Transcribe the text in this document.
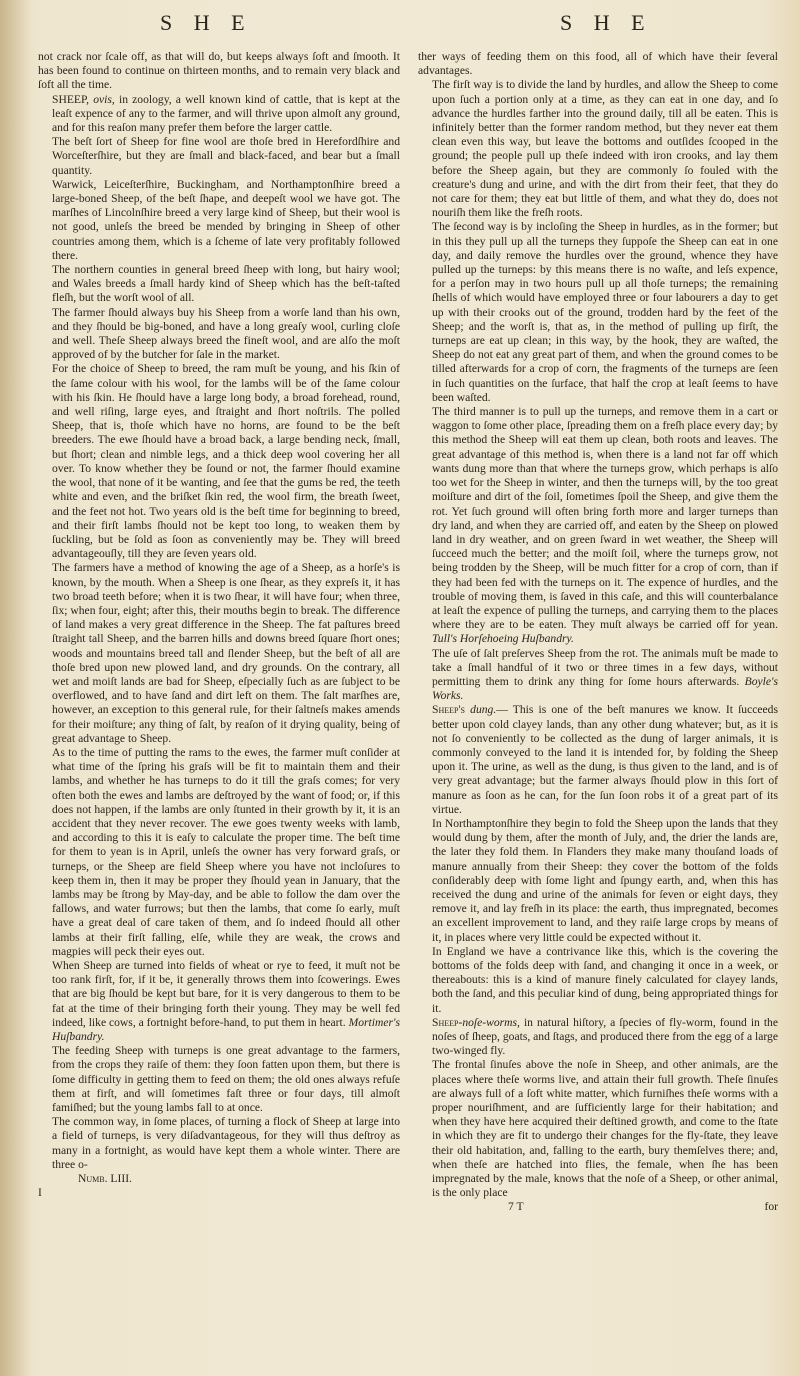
S H E	S H E

not crack nor ſcale off, as that will do, but keeps always ſoft and ſmooth. It has been found to continue on thirteen months, and to remain very black and ſoft all the time.

SHEEP, ovis, in zoology, a well known kind of cattle, that is kept at the leaſt expence of any to the farmer, and will thrive upon almoſt any ground, and for this reaſon many prefer them before the larger cattle.

The beſt ſort of Sheep for fine wool are thoſe bred in Herefordſhire and Worceſterſhire, but they are ſmall and black-faced, and bear but a ſmall quantity.

Warwick, Leiceſterſhire, Buckingham, and Northamptonſhire breed a large-boned Sheep, of the beſt ſhape, and deepeſt wool we have got. The marſhes of Lincolnſhire breed a very large kind of Sheep, but their wool is not good, unleſs the breed be mended by bringing in Sheep of other countries among them, which is a ſcheme of late very profitably followed there.

The northern counties in general breed ſheep with long, but hairy wool; and Wales breeds a ſmall hardy kind of Sheep which has the beſt-taſted fleſh, but the worſt wool of all.

The farmer ſhould always buy his Sheep from a worſe land than his own, and they ſhould be big-boned, and have a long greaſy wool, curling cloſe and well. Theſe Sheep always breed the fineſt wool, and are alſo the moſt approved of by the butcher for ſale in the market.

For the choice of Sheep to breed, the ram muſt be young, and his ſkin of the ſame colour with his wool, for the lambs will be of the ſame colour with his ſkin. He ſhould have a large long body, a broad forehead, round, and well riſing, large eyes, and ſtraight and ſhort noſtrils. The polled Sheep, that is, thoſe which have no horns, are found to be the beſt breeders. The ewe ſhould have a broad back, a large bending neck, ſmall, but ſhort; clean and nimble legs, and a thick deep wool covering her all over. To know whether they be ſound or not, the farmer ſhould examine the wool, that none of it be wanting, and ſee that the gums be red, the teeth white and even, and the briſket ſkin red, the wool firm, the breath ſweet, and the feet not hot. Two years old is the beſt time for beginning to breed, and their firſt lambs ſhould not be kept too long, to weaken them by ſuckling, but be ſold as ſoon as conveniently may be. They will breed advantageouſly, till they are ſeven years old.

The farmers have a method of knowing the age of a Sheep, as a horſe's is known, by the mouth. When a Sheep is one ſhear, as they expreſs it, it has two broad teeth before; when it is two ſhear, it will have four; when three, ſix; when four, eight; after this, their mouths begin to break. The difference of land makes a very great difference in the Sheep. The fat paſtures breed ſtraight tall Sheep, and the barren hills and downs breed ſquare ſhort ones; woods and mountains breed tall and ſlender Sheep, but the beſt of all are thoſe bred upon new plowed land, and dry grounds. On the contrary, all wet and moiſt lands are bad for Sheep, eſpecially ſuch as are ſubject to be overflowed, and to have ſand and dirt left on them. The ſalt marſhes are, however, an exception to this general rule, for their ſaltneſs makes amends for their moiſture; any thing of ſalt, by reaſon of it drying quality, being of great advantage to Sheep.

As to the time of putting the rams to the ewes, the farmer muſt conſider at what time of the ſpring his graſs will be fit to maintain them and their lambs, and whether he has turneps to do it till the graſs comes; for very often both the ewes and lambs are deſtroyed by the want of food; or, if this does not happen, if the lambs are only ſtunted in their growth by it, it is an accident that they never recover. The ewe goes twenty weeks with lamb, and according to this it is eaſy to calculate the proper time. The beſt time for them to yean is in April, unleſs the owner has very forward graſs, or turneps, or the Sheep are field Sheep where you have not incloſures to keep them in, then it may be proper they ſhould yean in January, that the lambs may be ſtrong by May-day, and be able to follow the dam over the fallows, and water furrows; but then the lambs, that come ſo early, muſt have a great deal of care taken of them, and ſo indeed ſhould all other lambs at their firſt falling, elſe, while they are weak, the crows and magpies will peck their eyes out.

When Sheep are turned into fields of wheat or rye to feed, it muſt not be too rank firſt, for, if it be, it generally throws them into ſcowerings. Ewes that are big ſhould be kept but bare, for it is very dangerous to them to be fat at the time of their bringing forth their young. They may be well fed indeed, like cows, a fortnight before-hand, to put them in heart. Mortimer's Huſbandry.

The feeding Sheep with turneps is one great advantage to the farmers, from the crops they raiſe of them: they ſoon fatten upon them, but there is ſome difficulty in getting them to feed on them; the old ones always refuſe them at firſt, and will ſometimes faſt three or four days, till almoſt famiſhed; but the young lambs fall to at once.

The common way, in ſome places, of turning a flock of Sheep at large into a field of turneps, is very diſadvantageous, for they will thus deſtroy as many in a fortnight, as would have kept them a whole winter. There are three o-

Numb. LIII.

I

ther ways of feeding them on this food, all of which have their ſeveral advantages.

The firſt way is to divide the land by hurdles, and allow the Sheep to come upon ſuch a portion only at a time, as they can eat in one day, and ſo advance the hurdles farther into the ground daily, till all be eaten. This is infinitely better than the former random method, but they never eat them clean even this way, but leave the bottoms and outſides ſcooped in the ground; the people pull up theſe indeed with iron crooks, and lay them before the Sheep again, but they are commonly ſo fouled with the creature's dung and urine, and with the dirt from their feet, that they do not care for them; they eat but little of them, and what they do, does not nouriſh them like the freſh roots.

The ſecond way is by incloſing the Sheep in hurdles, as in the former; but in this they pull up all the turneps they ſuppoſe the Sheep can eat in one day, and daily remove the hurdles over the ground, whence they have pulled up the turneps: by this means there is no waſte, and leſs expence, for a perſon may in two hours pull up all thoſe turneps; the remaining ſhells of which would have employed three or four labourers a day to get up with their crooks out of the ground, trodden hard by the feet of the Sheep; and the worſt is, that as, in the method of pulling up firſt, the turneps are eat up clean; in this way, by the hook, they are waſted, the Sheep do not eat any great part of them, and when the ground comes to be tilled afterwards for a crop of corn, the fragments of the turneps are ſeen in ſuch quantities on the ſurface, that half the crop at leaſt ſeems to have been waſted.

The third manner is to pull up the turneps, and remove them in a cart or waggon to ſome other place, ſpreading them on a freſh place every day; by this method the Sheep will eat them up clean, both roots and leaves. The great advantage of this method is, when there is a land not far off which wants dung more than that where the turneps grow, which perhaps is alſo too wet for the Sheep in winter, and then the turneps will, by the too great moiſture and dirt of the ſoil, ſometimes ſpoil the Sheep, and give them the rot. Yet ſuch ground will often bring forth more and larger turneps than dry land, and when they are carried off, and eaten by the Sheep on plowed land in dry weather, and on green ſward in wet weather, the Sheep will ſucceed much the better; and the moiſt ſoil, where the turneps grow, not being trodden by the Sheep, will be much fitter for a crop of corn, than if they had been fed with the turneps on it. The expence of hurdles, and the trouble of moving them, is ſaved in this caſe, and this will counterbalance at leaſt the expence of pulling the turneps, and carrying them to the places where they are to be eaten. They muſt always be carried off for yean. Tull's Horſehoeing Huſbandry.

The uſe of ſalt preſerves Sheep from the rot. The animals muſt be made to take a ſmall handful of it two or three times in a few days, without permitting them to drink any thing for ſome hours afterwards. Boyle's Works.

Sheep's dung.— This is one of the beſt manures we know. It ſucceeds better upon cold clayey lands, than any other dung whatever; but, as it is not ſo conveniently to be collected as the dung of larger animals, it is commonly conveyed to the land it is intended for, by folding the Sheep upon it. The urine, as well as the dung, is thus given to the land, and is of very great advantage; but the farmer always ſhould plow in this ſort of manure as ſoon as he can, for the ſun ſoon robs it of a great part of its virtue.

In Northamptonſhire they begin to fold the Sheep upon the lands that they would dung by them, after the month of July, and, the drier the lands are, the later they fold them. In Flanders they make many thouſand loads of manure annually from their Sheep: they cover the bottom of the folds conſiderably deep with ſome light and ſpungy earth, and, when this has received the dung and urine of the animals for ſeven or eight days, they remove it, and lay freſh in its place: the earth, thus impregnated, becomes an excellent improvement to land, and they raiſe large crops by means of it, in places where very little could be expected without it.

In England we have a contrivance like this, which is the covering the bottoms of the folds deep with ſand, and changing it once in a week, or thereabouts: this is a kind of manure finely calculated for clayey lands, both the ſand, and this peculiar kind of dung, being appropriated things for it.

Sheep-noſe-worms, in natural hiſtory, a ſpecies of fly-worm, found in the noſes of ſheep, goats, and ſtags, and produced there from the egg of a large two-winged fly.

The frontal ſinuſes above the noſe in Sheep, and other animals, are the places where theſe worms live, and attain their full growth. Theſe ſinuſes are always full of a ſoft white matter, which furniſhes theſe worms with a proper nouriſhment, and are ſufficiently large for their habitation; and when they have here acquired their deſtined growth, and come to the ſtate in which they are fit to undergo their changes for the fly-ſtate, they leave their old habitation, and, falling to the earth, bury themſelves there; and, when theſe are hatched into flies, the female, when ſhe has been impregnated by the male, knows that the noſe of a Sheep, or other animal, is the only place

7 T	for
